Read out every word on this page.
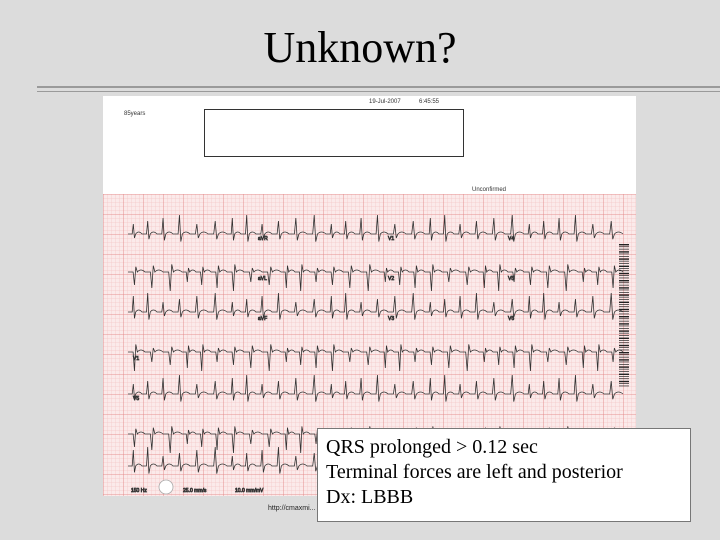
Unknown?
85years
19-Jul-2007	6:45:55
Unconfirmed
aVR	V1	V4
aVL	V2	V5
aVF	V3	V6
V1
V5
150 Hz	25.0 mm/s	10.0 mm/mV
http://cmaxmi...
QRS prolonged > 0.12 sec
Terminal forces are left and posterior
Dx: LBBB
